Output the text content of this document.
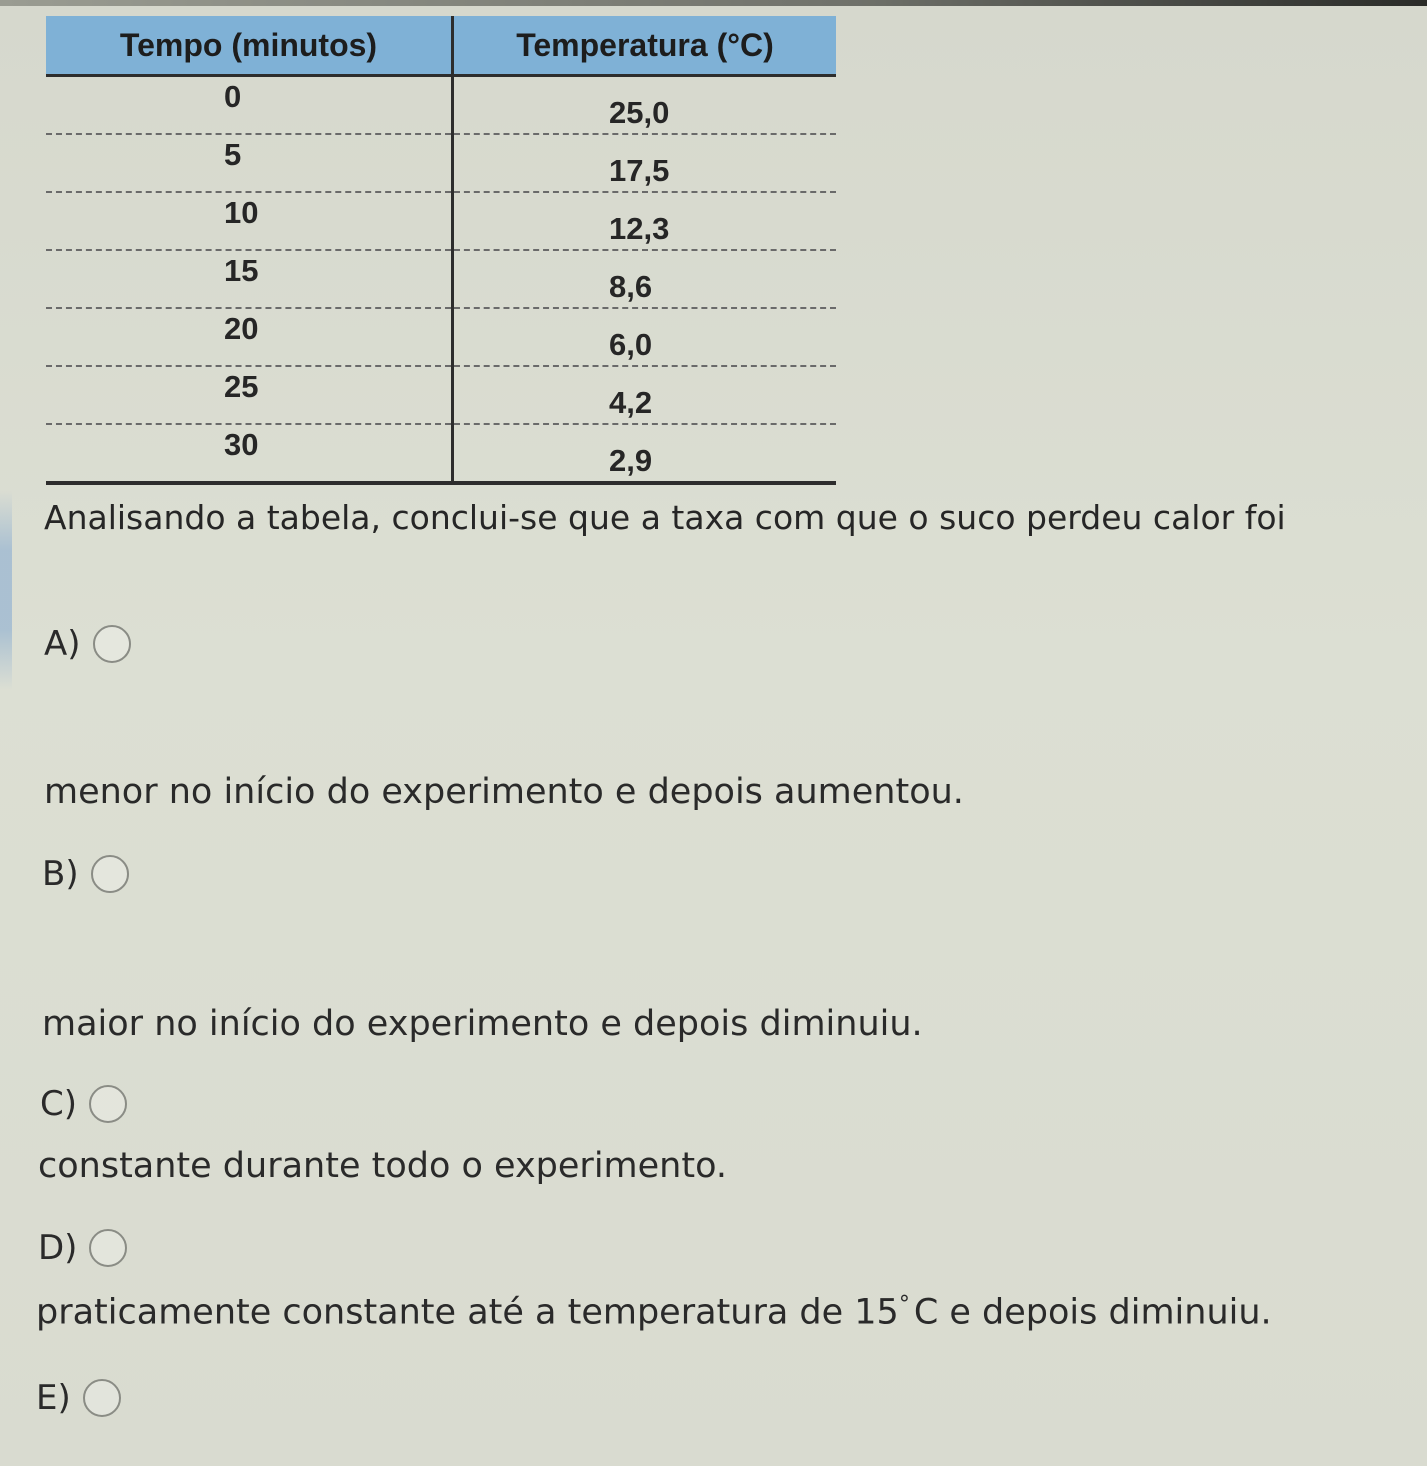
Tempo (minutos)	Temperatura (°C)
0	25,0
5	17,5
10	12,3
15	8,6
20	6,0
25	4,2
30	2,9
Analisando a tabela, conclui-se que a taxa com que o suco perdeu calor foi
A)
menor no início do experimento e depois aumentou.
B)
maior no início do experimento e depois diminuiu.
C)
constante durante todo o experimento.
D)
praticamente constante até a temperatura de 15° C e depois diminuiu.
E)
